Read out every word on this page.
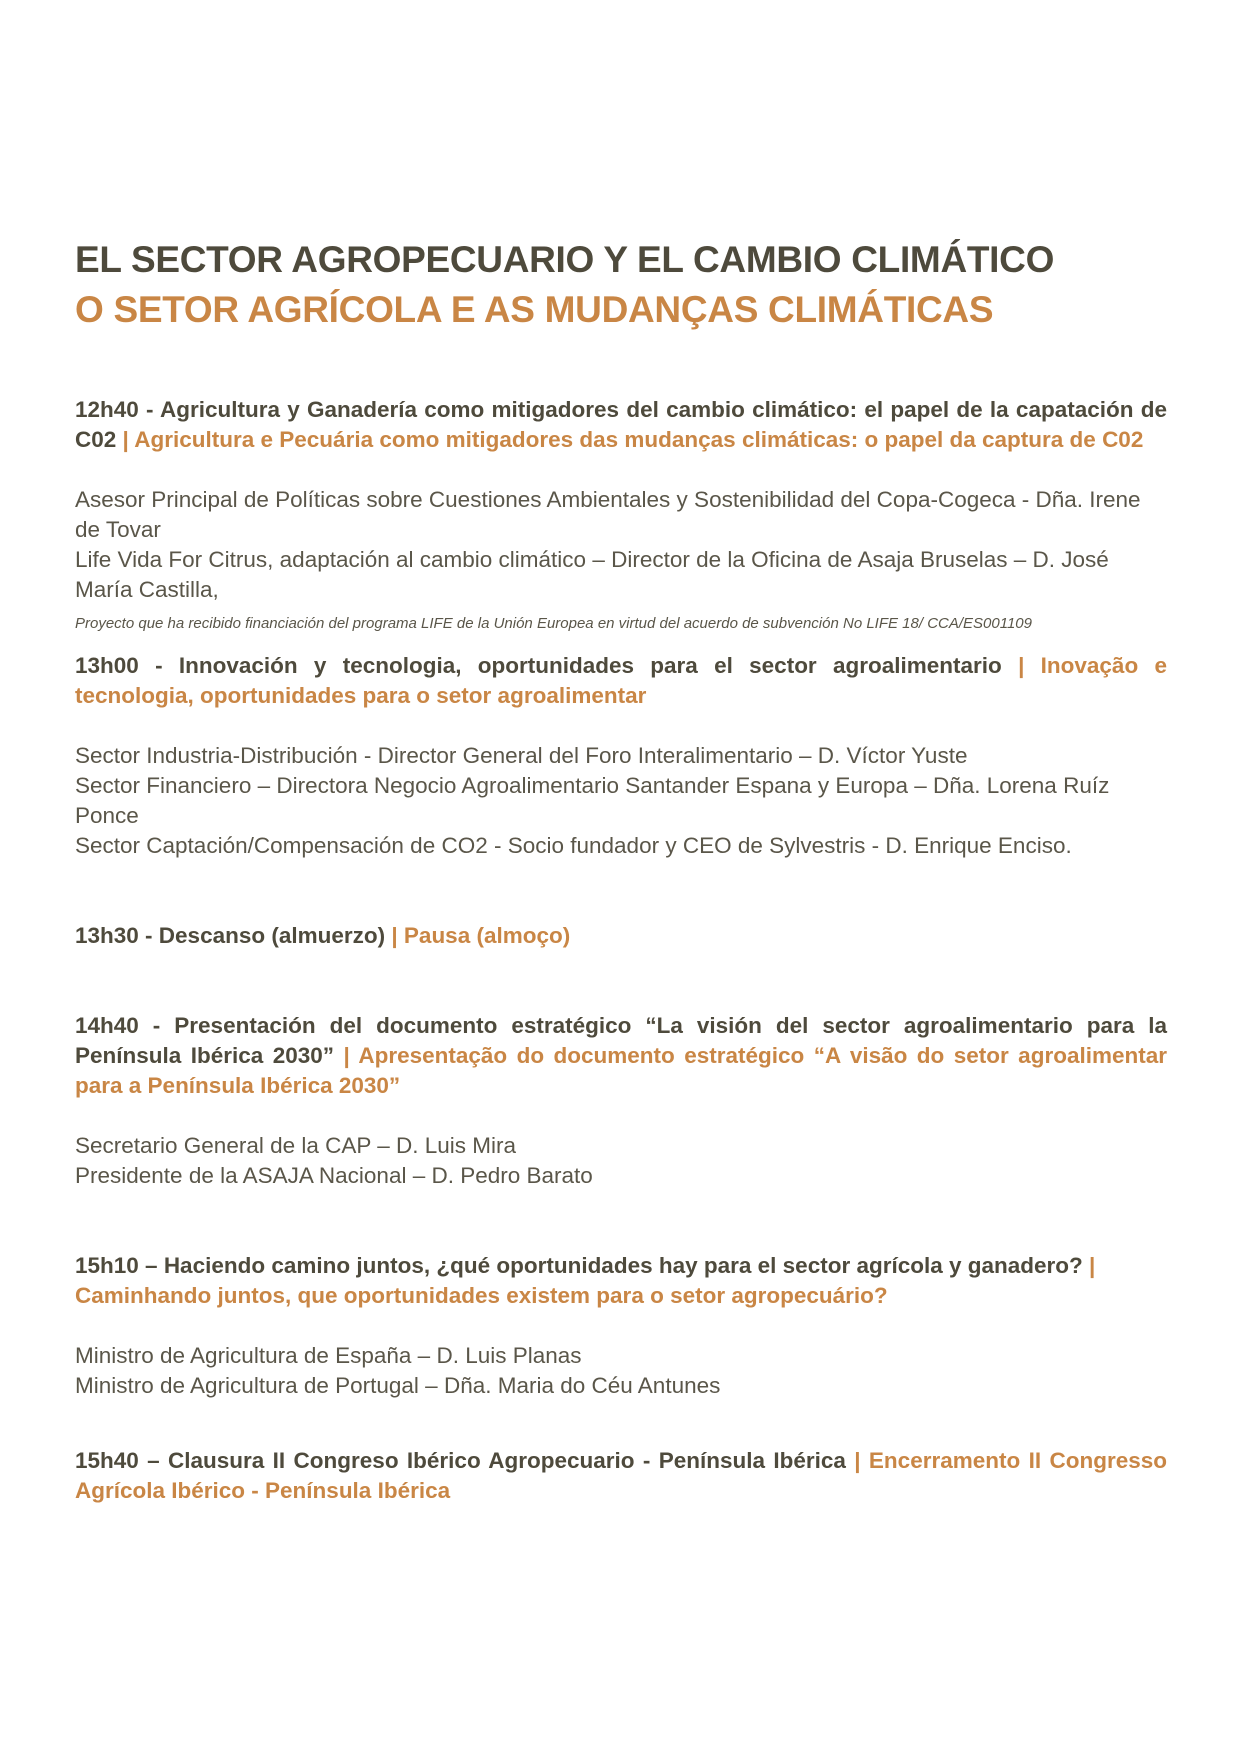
EL SECTOR AGROPECUARIO Y EL CAMBIO CLIMÁTICO
O SETOR AGRÍCOLA E AS MUDANÇAS CLIMÁTICAS

12h40 - Agricultura y Ganadería como mitigadores del cambio climático: el papel de la capatación de C02 | Agricultura e Pecuária como mitigadores das mudanças climáticas: o papel da captura de C02

Asesor Principal de Políticas sobre Cuestiones Ambientales y Sostenibilidad del Copa-Cogeca - Dña. Irene de Tovar

Life Vida For Citrus, adaptación al cambio climático – Director de la Oficina de Asaja Bruselas – D. José María Castilla,

Proyecto que ha recibido financiación del programa LIFE de la Unión Europea en virtud del acuerdo de subvención No LIFE 18/ CCA/ES001109

13h00 - Innovación y tecnologia, oportunidades para el sector agroalimentario | Inovação e tecnologia, oportunidades para o setor agroalimentar

Sector Industria-Distribución - Director General del Foro Interalimentario – D. Víctor Yuste

Sector Financiero – Directora Negocio Agroalimentario Santander Espana y Europa – Dña. Lorena Ruíz Ponce

Sector Captación/Compensación de CO2 - Socio fundador y CEO de Sylvestris - D. Enrique Enciso.

13h30 - Descanso (almuerzo) | Pausa (almoço)

14h40 - Presentación del documento estratégico “La visión del sector agroalimentario para la Península Ibérica 2030” | Apresentação do documento estratégico “A visão do setor agroalimentar para a Península Ibérica 2030”

Secretario General de la CAP – D. Luis Mira

Presidente de la ASAJA Nacional – D. Pedro Barato

15h10 – Haciendo camino juntos, ¿qué oportunidades hay para el sector agrícola y ganadero? | Caminhando juntos, que oportunidades existem para o setor agropecuário?

Ministro de Agricultura de España – D. Luis Planas

Ministro de Agricultura de Portugal – Dña. Maria do Céu Antunes

15h40 – Clausura II Congreso Ibérico Agropecuario - Península Ibérica | Encerramento II Congresso Agrícola Ibérico - Península Ibérica
